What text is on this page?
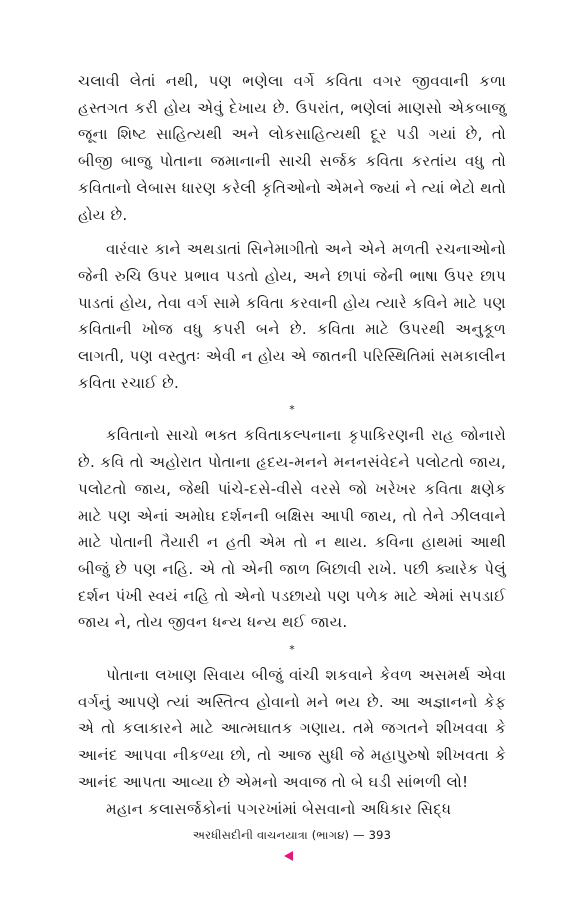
ચલાવી લેતાં નથી, પણ ભણેલા વર્ગે કવિતા વગર જીવવાની કળા હસ્તગત કરી હોય એવું દેખાય છે. ઉપરાંત, ભણેલાં માણસો એકબાજુ જૂના શિષ્ટ સાહિત્યથી અને લોકસાહિત્યથી દૂર પડી ગયાં છે, તો બીજી બાજુ પોતાના જમાનાની સાચી સર્જક કવિતા કરતાંય વધુ તો કવિતાનો લેબાસ ધારણ કરેલી કૃતિઓનો એમને જ્યાં ને ત્યાં ભેટો થતો હોય છે.

વારંવાર કાને અથડાતાં સિનેમાગીતો અને એને મળતી રચનાઓનો જેની રુચિ ઉપર પ્રભાવ પડતો હોય, અને છાપાં જેની ભાષા ઉપર છાપ પાડતાં હોય, તેવા વર્ગ સામે કવિતા કરવાની હોય ત્યારે કવિને માટે પણ કવિતાની ખોજ વધુ કપરી બને છે. કવિતા માટે ઉપરથી અનુકૂળ લાગતી, પણ વસ્તુતઃ એવી ન હોય એ જાતની પરિસ્થિતિમાં સમકાલીન કવિતા રચાઈ છે.

*

કવિતાનો સાચો ભક્ત કવિતાકલ્પનાના કૃપાકિરણની રાહ જોનારો છે. કવિ તો અહોરાત પોતાના હૃદય-મનને મનનસંવેદને પલોટતો જાય, પલોટતો જાય, જેથી પાંચે-દસે-વીસે વરસે જો ખરેખર કવિતા ક્ષણેક માટે પણ એનાં અમોઘ દર્શનની બક્ષિસ આપી જાય, તો તેને ઝીલવાને માટે પોતાની તૈયારી ન હતી એમ તો ન થાય. કવિના હાથમાં આથી બીજું છે પણ નહિ. એ તો એની જાળ બિછાવી રાખે. પછી ક્યારેક પેલું દર્શન પંખી સ્વયં નહિ તો એનો પડછાયો પણ પળેક માટે એમાં સપડાઈ જાય ને, તોય જીવન ધન્ય ધન્ય થઈ જાય.

*

પોતાના લખાણ સિવાય બીજું વાંચી શકવાને કેવળ અસમર્થ એવા વર્ગનું આપણે ત્યાં અસ્તિત્વ હોવાનો મને ભય છે. આ અજ્ઞાનનો કેફ એ તો કલાકારને માટે આત્મઘાતક ગણાય. તમે જગતને શીખવવા કે આનંદ આપવા નીકળ્યા છો, તો આજ સુધી જે મહાપુરુષો શીખવતા કે આનંદ આપતા આવ્યા છે એમનો અવાજ તો બે ઘડી સાંભળી લો!

મહાન કલાસર્જકોનાં પગરખાંમાં બેસવાનો અધિકાર સિદ્ધ

અરધીસદીની વાચનયાત્રા (ભાગ૪) — 393
